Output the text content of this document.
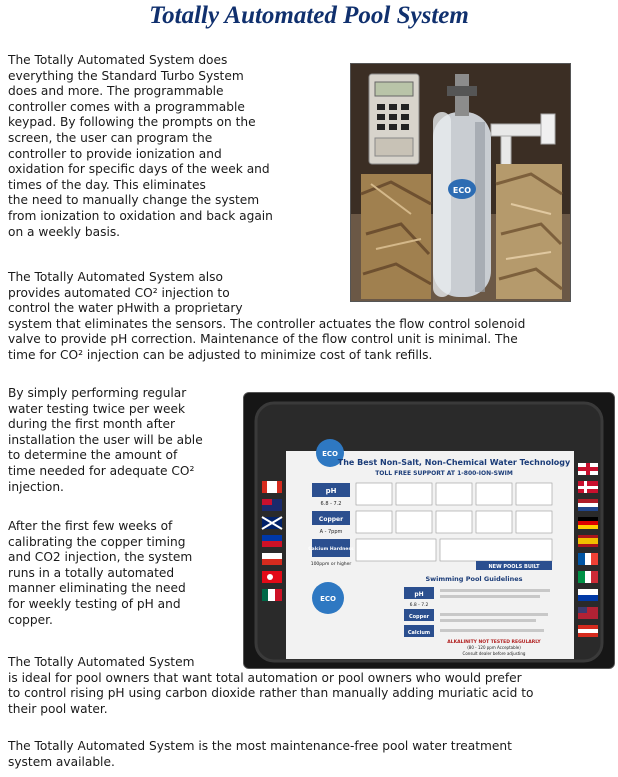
Totally Automated Pool System

The Totally Automated System does
everything the Standard Turbo System
does and more. The programmable
controller comes with a programmable
keypad. By following the prompts on the
screen, the user can program the
controller to provide ionization and
oxidation for specific days of the week and
times of the day. This eliminates
the need to manually change the system
from ionization to oxidation and back again
on a weekly basis.

ECO

The Totally Automated System also
provides automated CO² injection to
control the water pHwith a proprietary

system that eliminates the sensors. The controller actuates the flow control solenoid
valve to provide pH correction. Maintenance of the flow control unit is minimal. The
time for CO² injection can be adjusted to minimize cost of tank refills.

By simply performing regular
water testing twice per week
during the first month after
installation the user will be able
to determine the amount of
time needed for adequate CO²
injection.

After the first few weeks of
calibrating the copper timing
and CO2 injection, the system
runs in a totally automated
manner eliminating the need
for weekly testing of pH and
copper.

ECO
The Best Non-Salt, Non-Chemical Water Technology
TOLL FREE SUPPORT AT 1-800-ION-SWIM
pH
6.8 - 7.2
Copper
A - 7ppm
Calcium Hardness
100ppm or higher	NEW POOLS BUILT
ECO
Swimming Pool Guidelines
pH
6.8 - 7.2
Copper
Calcium
ALKALINITY NOT TESTED REGULARLY
(80 - 120 ppm Acceptable)
Consult dealer before adjusting

The Totally Automated System
is ideal for pool owners that want total automation or pool owners who would prefer
to control rising pH using carbon dioxide rather than manually adding muriatic acid to
their pool water.

The Totally Automated System is the most maintenance-free pool water treatment
system available.
